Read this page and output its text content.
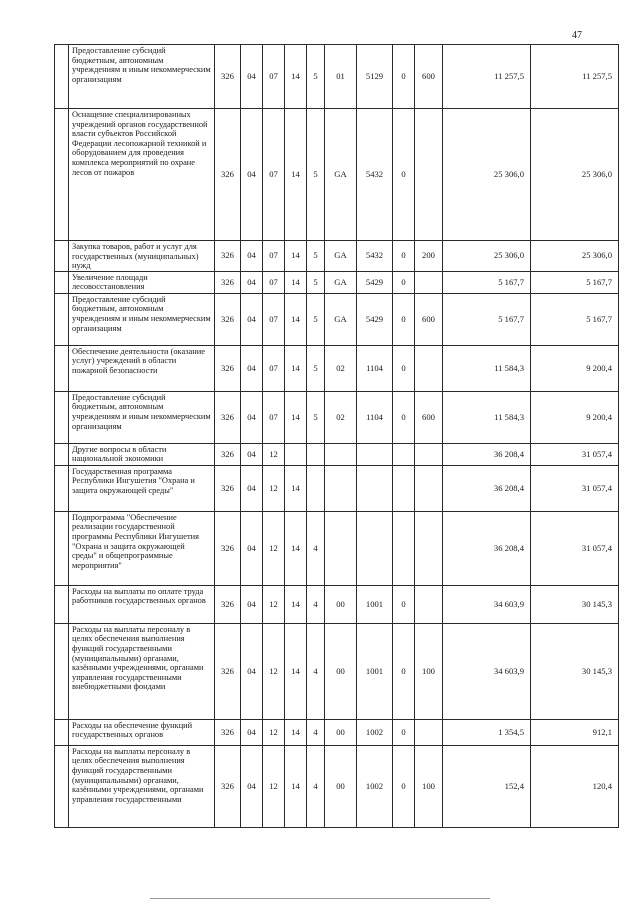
47
	Предоставление субсидий бюджетным, автономным учреждениям и иным некоммерческим организациям	326	04	07	14	5	01	5129	0	600	11 257,5	11 257,5
	Оснащение специализированных учреждений органов государственной власти субъектов Российской Федерации лесопожарной техникой и оборудованием для проведения комплекса мероприятий по охране лесов от пожаров	326	04	07	14	5	GA	5432	0		25 306,0	25 306,0
	Закупка товаров, работ и услуг для государственных (муниципальных) нужд	326	04	07	14	5	GA	5432	0	200	25 306,0	25 306,0
	Увеличение площади лесовосстановления	326	04	07	14	5	GA	5429	0		5 167,7	5 167,7
	Предоставление субсидий бюджетным, автономным учреждениям и иным некоммерческим организациям	326	04	07	14	5	GA	5429	0	600	5 167,7	5 167,7
	Обеспечение деятельности (оказание услуг) учреждений в области пожарной безопасности	326	04	07	14	5	02	1104	0		11 584,3	9 200,4
	Предоставление субсидий бюджетным, автономным учреждениям и иным некоммерческим организациям	326	04	07	14	5	02	1104	0	600	11 584,3	9 200,4
	Другие вопросы в области национальной экономики	326	04	12							36 208,4	31 057,4
	Государственная программа Республики Ингушетия "Охрана и защита окружающей среды"	326	04	12	14						36 208,4	31 057,4
	Подпрограмма "Обеспечение реализации государственной программы Республики Ингушетия "Охрана и защита окружающей среды" и общепрограммные мероприятия"	326	04	12	14	4					36 208,4	31 057,4
	Расходы на выплаты по оплате труда работников государственных органов	326	04	12	14	4	00	1001	0		34 603,9	30 145,3
	Расходы на выплаты персоналу в целях обеспечения выполнения функций государственными (муниципальными) органами, казёнными учреждениями, органами управления государственными внебюджетными фондами	326	04	12	14	4	00	1001	0	100	34 603,9	30 145,3
	Расходы на обеспечение функций государственных органов	326	04	12	14	4	00	1002	0		1 354,5	912,1
	Расходы на выплаты персоналу в целях обеспечения выполнения функций государственными (муниципальными) органами, казёнными учреждениями, органами управления государственными	326	04	12	14	4	00	1002	0	100	152,4	120,4
